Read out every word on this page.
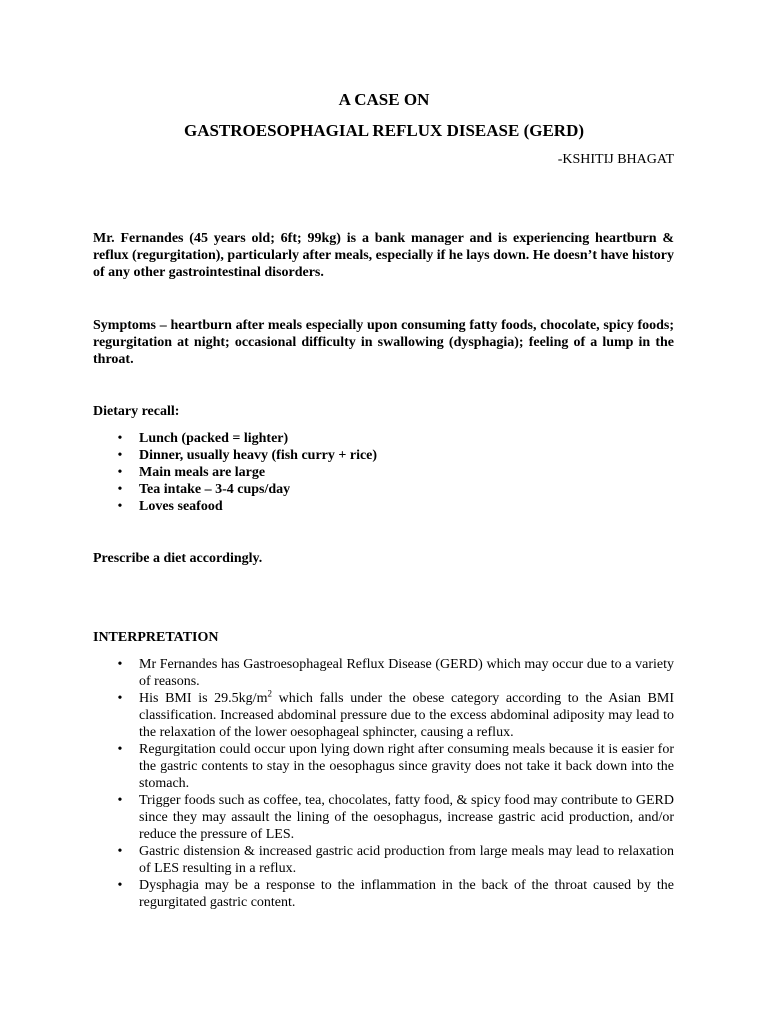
A CASE ON
GASTROESOPHAGIAL REFLUX DISEASE (GERD)
-KSHITIJ BHAGAT

Mr. Fernandes (45 years old; 6ft; 99kg) is a bank manager and is experiencing heartburn & reflux (regurgitation), particularly after meals, especially if he lays down. He doesn’t have history of any other gastrointestinal disorders.

Symptoms – heartburn after meals especially upon consuming fatty foods, chocolate, spicy foods; regurgitation at night; occasional difficulty in swallowing (dysphagia); feeling of a lump in the throat.

Dietary recall:

• Lunch (packed = lighter)
• Dinner, usually heavy (fish curry + rice)
• Main meals are large
• Tea intake – 3-4 cups/day
• Loves seafood

Prescribe a diet accordingly.

INTERPRETATION

• Mr Fernandes has Gastroesophageal Reflux Disease (GERD) which may occur due to a variety of reasons.
• His BMI is $29.5kg/m^2$ which falls under the obese category according to the Asian BMI classification. Increased abdominal pressure due to the excess abdominal adiposity may lead to the relaxation of the lower oesophageal sphincter, causing a reflux.
• Regurgitation could occur upon lying down right after consuming meals because it is easier for the gastric contents to stay in the oesophagus since gravity does not take it back down into the stomach.
• Trigger foods such as coffee, tea, chocolates, fatty food, & spicy food may contribute to GERD since they may assault the lining of the oesophagus, increase gastric acid production, and/or reduce the pressure of LES.
• Gastric distension & increased gastric acid production from large meals may lead to relaxation of LES resulting in a reflux.
• Dysphagia may be a response to the inflammation in the back of the throat caused by the regurgitated gastric content.
